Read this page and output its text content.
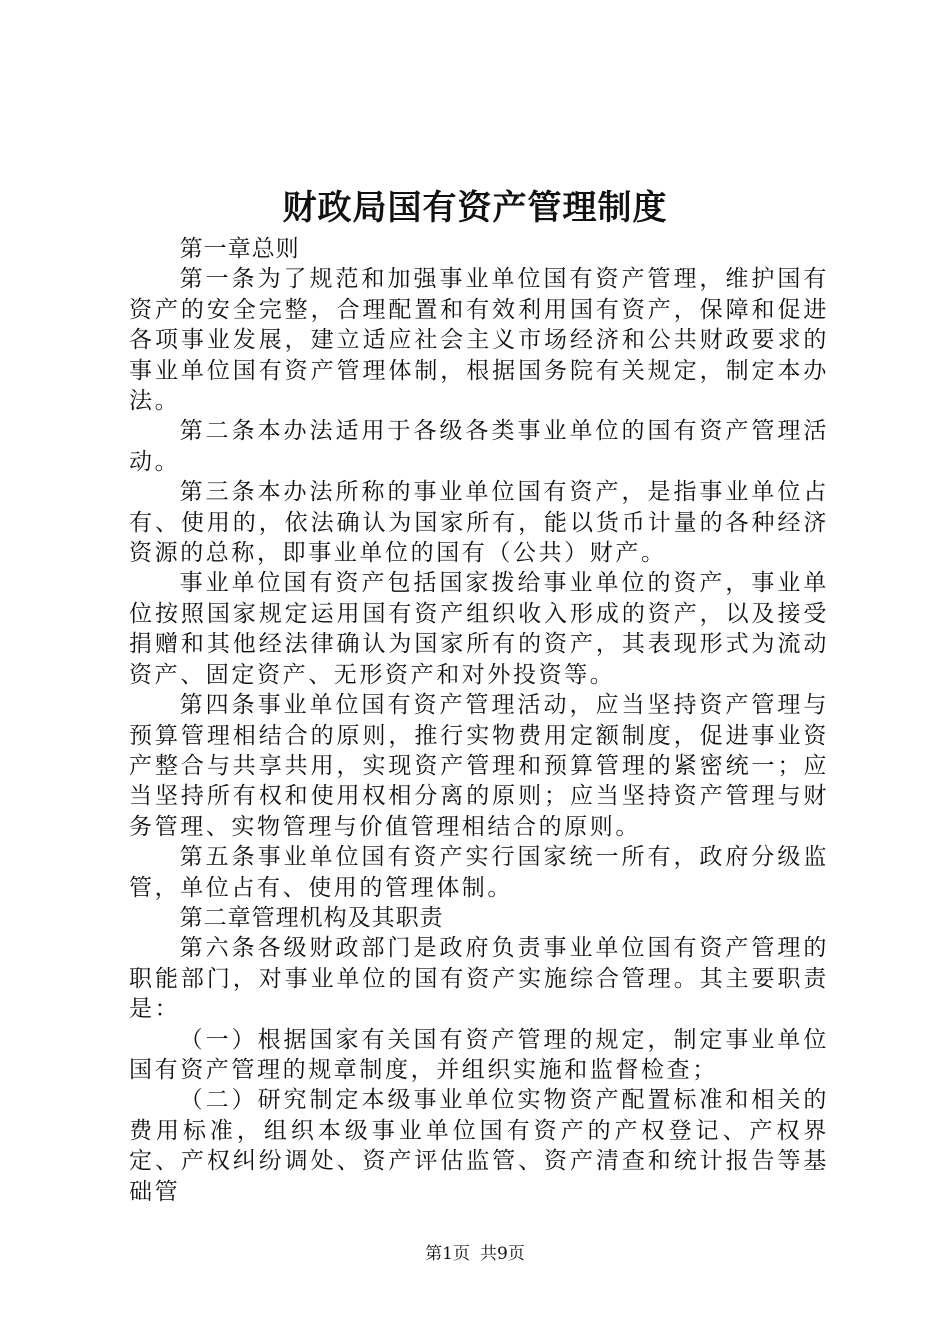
财政局国有资产管理制度

第一章总则

第一条为了规范和加强事业单位国有资产管理，维护国有资产的安全完整，合理配置和有效利用国有资产，保障和促进各项事业发展，建立适应社会主义市场经济和公共财政要求的事业单位国有资产管理体制，根据国务院有关规定，制定本办法。

第二条本办法适用于各级各类事业单位的国有资产管理活动。

第三条本办法所称的事业单位国有资产，是指事业单位占有、使用的，依法确认为国家所有，能以货币计量的各种经济资源的总称，即事业单位的国有（公共）财产。

事业单位国有资产包括国家拨给事业单位的资产，事业单位按照国家规定运用国有资产组织收入形成的资产，以及接受捐赠和其他经法律确认为国家所有的资产，其表现形式为流动资产、固定资产、无形资产和对外投资等。

第四条事业单位国有资产管理活动，应当坚持资产管理与预算管理相结合的原则，推行实物费用定额制度，促进事业资产整合与共享共用，实现资产管理和预算管理的紧密统一；应当坚持所有权和使用权相分离的原则；应当坚持资产管理与财务管理、实物管理与价值管理相结合的原则。

第五条事业单位国有资产实行国家统一所有，政府分级监管，单位占有、使用的管理体制。

第二章管理机构及其职责

第六条各级财政部门是政府负责事业单位国有资产管理的职能部门，对事业单位的国有资产实施综合管理。其主要职责是：

（一）根据国家有关国有资产管理的规定，制定事业单位国有资产管理的规章制度，并组织实施和监督检查；

（二）研究制定本级事业单位实物资产配置标准和相关的费用标准，组织本级事业单位国有资产的产权登记、产权界定、产权纠纷调处、资产评估监管、资产清查和统计报告等基础管

第1页 共9页
